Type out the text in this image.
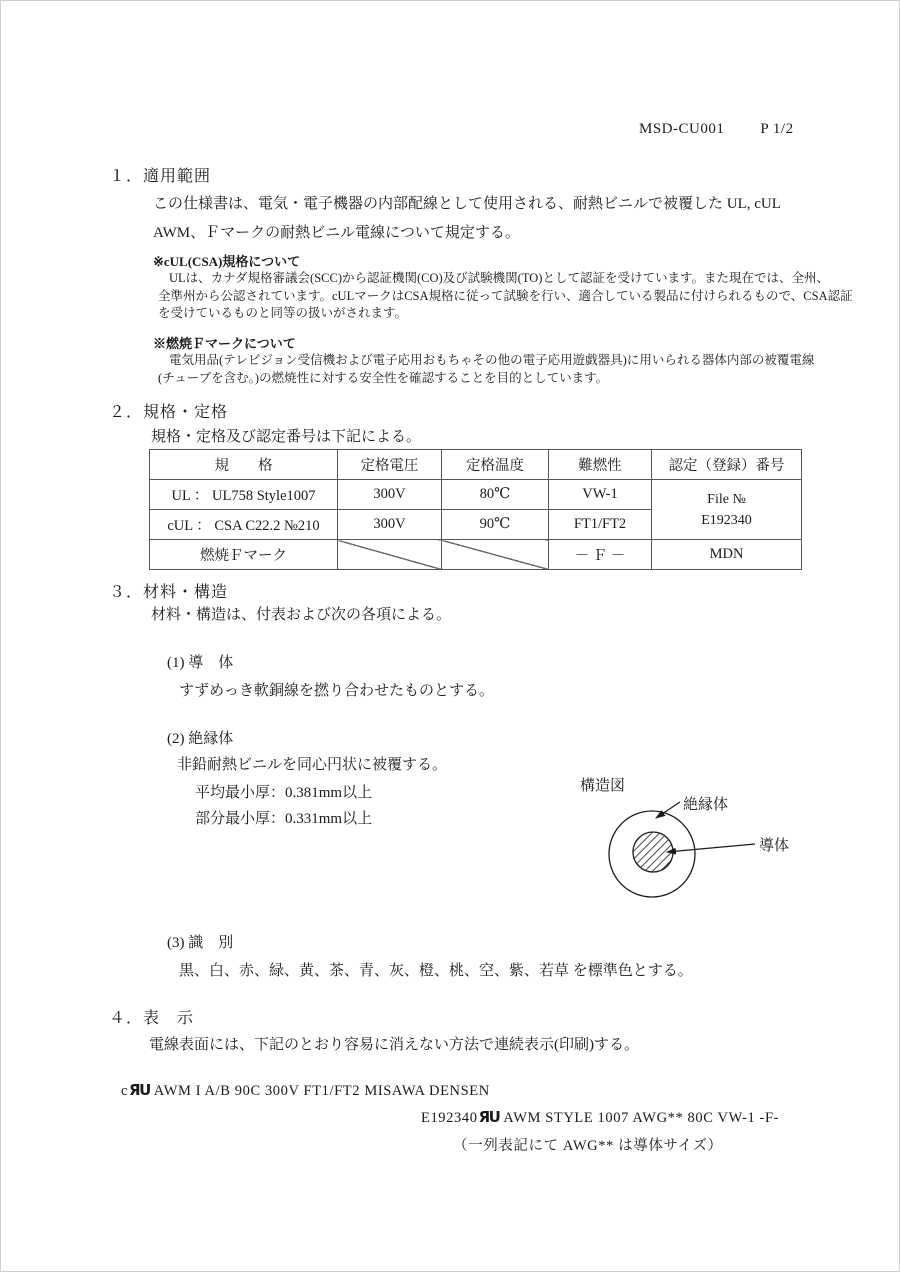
MSD-CU001 P 1/2
１．適用範囲
この仕様書は、電気・電子機器の内部配線として使用される、耐熱ビニルで被覆した UL, cUL
AWM、Ｆマークの耐熱ビニル電線について規定する。
※cUL(CSA)規格について
ULは、カナダ規格審議会(SCC)から認証機関(CO)及び試験機関(TO)として認証を受けています。また現在では、全州、
全準州から公認されています。cULマークはCSA規格に従って試験を行い、適合している製品に付けられるもので、CSA認証
を受けているものと同等の扱いがされます。
※燃焼Ｆマークについて
電気用品(テレビジョン受信機および電子応用おもちゃその他の電子応用遊戯器具)に用いられる器体内部の被覆電線
(チューブを含む。)の燃焼性に対する安全性を確認することを目的としています。
２．規格・定格
規格・定格及び認定番号は下記による。
規　　格	定格電圧	定格温度	難燃性	認定（登録）番号
UL ： UL758 Style1007	300V	80℃	VW-1	File №
E192340

cUL ： CSA C22.2 №210	300V	90℃	FT1/FT2	
燃焼Ｆマーク			－ Ｆ －	MDN
３．材料・構造
材料・構造は、付表および次の各項による。
(1) 導　体
すずめっき軟銅線を撚り合わせたものとする。
(2) 絶縁体
非鉛耐熱ビニルを同心円状に被覆する。
平均最小厚：0.381mm以上
部分最小厚：0.331mm以上
構造図
絶縁体
導体
(3) 識　別
黒、白、赤、緑、黄、茶、青、灰、橙、桃、空、紫、若草 を標準色とする。
４．表　示
電線表面には、下記のとおり容易に消えない方法で連続表示(印刷)する。
cЯU AWM I A/B 90C 300V FT1/FT2 MISAWA DENSEN
E192340ЯU AWM STYLE 1007 AWG** 80C VW-1 -F-
（一列表記にて AWG** は導体サイズ）
